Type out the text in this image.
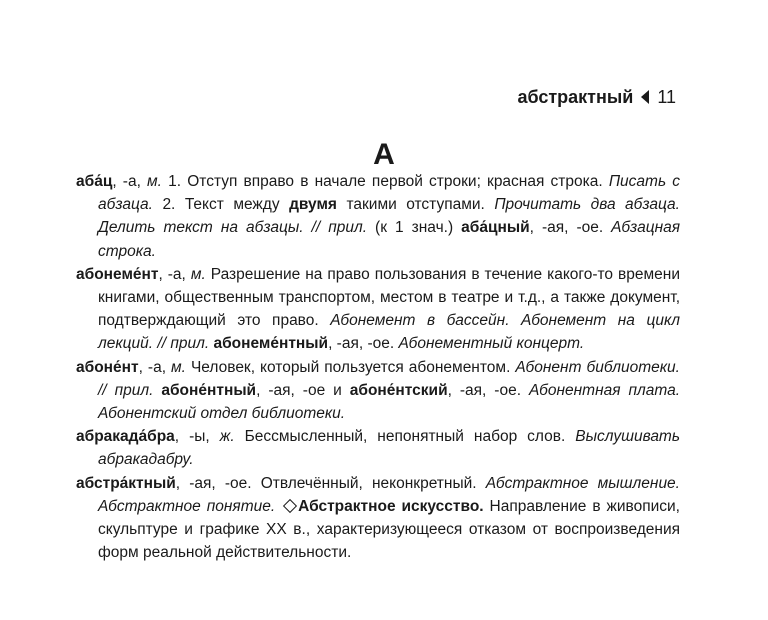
абстрактный 11
А

аба́ц, -а, м. 1. Отступ вправо в начале первой строки; красная строка. Писать с абзаца. 2. Текст между двумя такими отступами. Прочитать два абзаца. Делить текст на абзацы. // прил. (к 1 знач.) аба́цный, -ая, -ое. Абзацная строка.

абонеме́нт, -а, м. Разрешение на право пользования в течение какого-то времени книгами, общественным транспортом, местом в театре и т.д., а также документ, подтверждающий это право. Абонемент в бассейн. Абонемент на цикл лекций. // прил. абонеме́нтный, -ая, -ое. Абонементный концерт.

абоне́нт, -а, м. Человек, который пользуется абонементом. Абонент библиотеки. // прил. абоне́нтный, -ая, -ое и абоне́нтский, -ая, -ое. Абонентная плата. Абонентский отдел библиотеки.

абракада́бра, -ы, ж. Бессмысленный, непонятный набор слов. Выслушивать абракадабру.

абстра́ктный, -ая, -ое. Отвлечённый, неконкретный. Абстрактное мышление. Абстрактное понятие. Абстрактное искусство. Направление в живописи, скульптуре и графике XX в., характеризующееся отказом от воспроизведения форм реальной действительности.
